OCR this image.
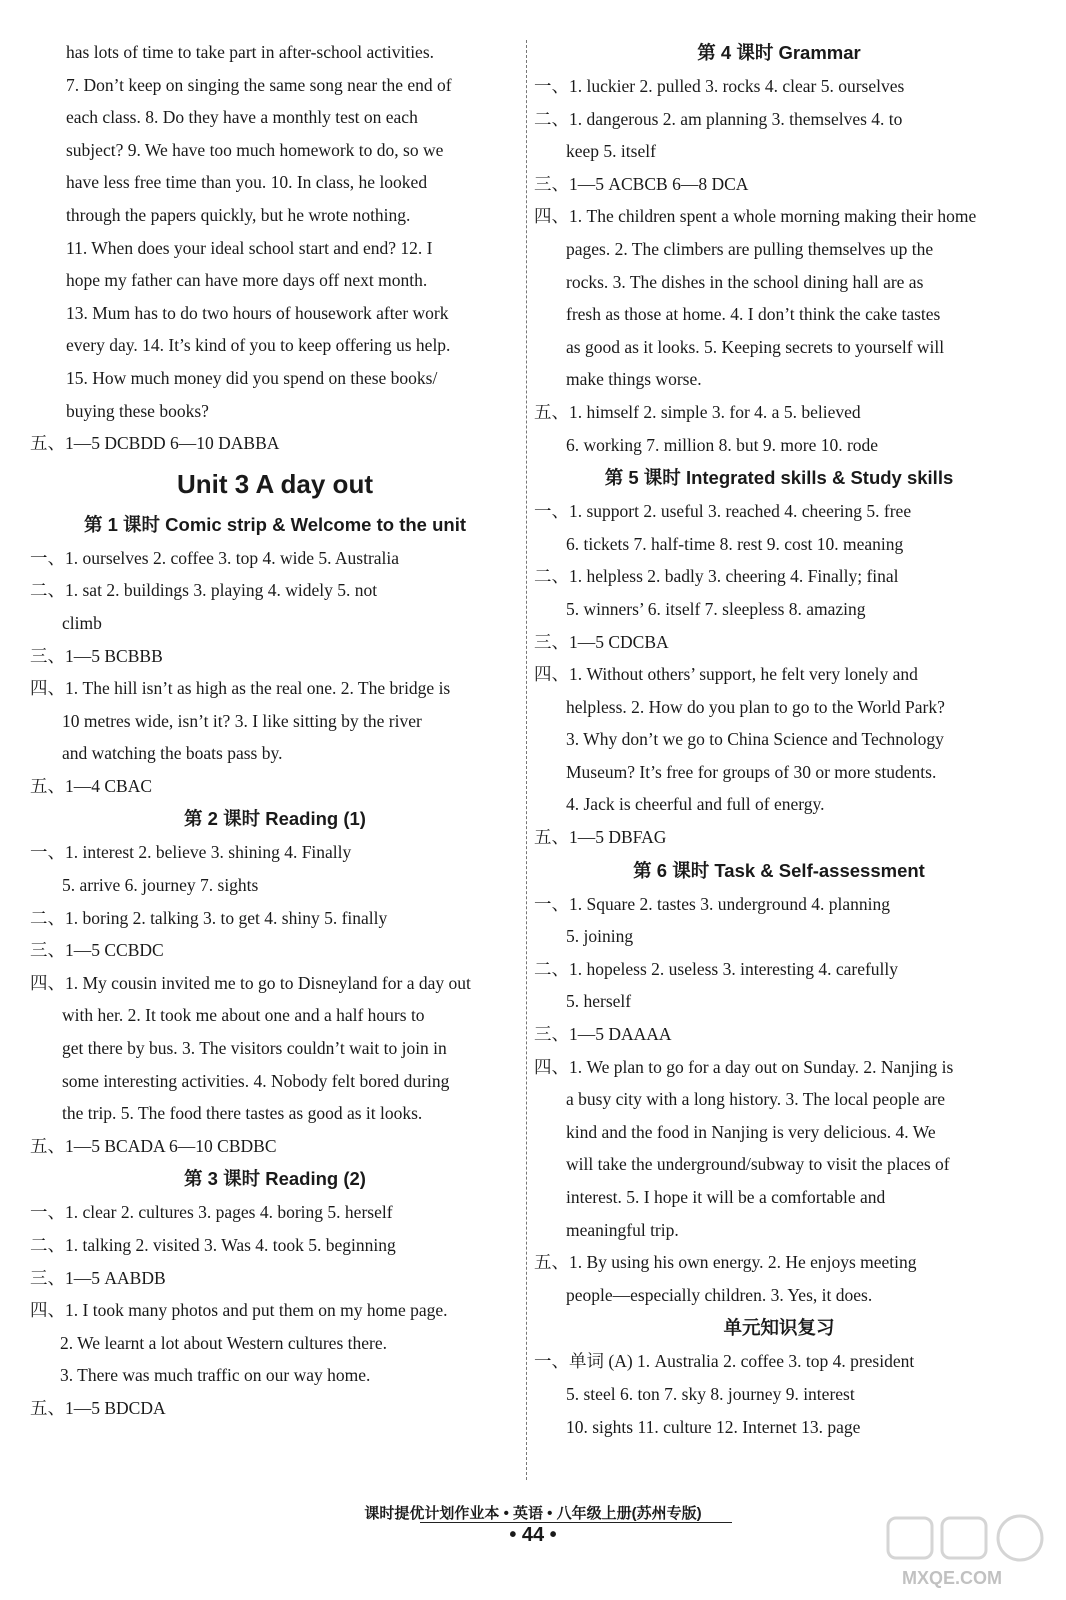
has lots of time to take part in after-school activities.
7. Don’t keep on singing the same song near the end of
each class. 8. Do they have a monthly test on each
subject? 9. We have too much homework to do, so we
have less free time than you. 10. In class, he looked
through the papers quickly, but he wrote nothing.
11. When does your ideal school start and end? 12. I
hope my father can have more days off next month.
13. Mum has to do two hours of housework after work
every day. 14. It’s kind of you to keep offering us help.
15. How much money did you spend on these books/
buying these books?
五、1—5 DCBDD 6—10 DABBA
Unit 3 A day out
第 1 课时 Comic strip & Welcome to the unit
一、1. ourselves 2. coffee 3. top 4. wide 5. Australia
二、1. sat 2. buildings 3. playing 4. widely 5. not
climb
三、1—5 BCBBB
四、1. The hill isn’t as high as the real one. 2. The bridge is
10 metres wide, isn’t it? 3. I like sitting by the river
and watching the boats pass by.
五、1—4 CBAC
第 2 课时 Reading (1)
一、1. interest 2. believe 3. shining 4. Finally
5. arrive 6. journey 7. sights
二、1. boring 2. talking 3. to get 4. shiny 5. finally
三、1—5 CCBDC
四、1. My cousin invited me to go to Disneyland for a day out
with her. 2. It took me about one and a half hours to
get there by bus. 3. The visitors couldn’t wait to join in
some interesting activities. 4. Nobody felt bored during
the trip. 5. The food there tastes as good as it looks.
五、1—5 BCADA 6—10 CBDBC
第 3 课时 Reading (2)
一、1. clear 2. cultures 3. pages 4. boring 5. herself
二、1. talking 2. visited 3. Was 4. took 5. beginning
三、1—5 AABDB
四、1. I took many photos and put them on my home page.
2. We learnt a lot about Western cultures there.
3. There was much traffic on our way home.
五、1—5 BDCDA
第 4 课时 Grammar
一、1. luckier 2. pulled 3. rocks 4. clear 5. ourselves
二、1. dangerous 2. am planning 3. themselves 4. to
keep 5. itself
三、1—5 ACBCB 6—8 DCA
四、1. The children spent a whole morning making their home
pages. 2. The climbers are pulling themselves up the
rocks. 3. The dishes in the school dining hall are as
fresh as those at home. 4. I don’t think the cake tastes
as good as it looks. 5. Keeping secrets to yourself will
make things worse.
五、1. himself 2. simple 3. for 4. a 5. believed
6. working 7. million 8. but 9. more 10. rode
第 5 课时 Integrated skills & Study skills
一、1. support 2. useful 3. reached 4. cheering 5. free
6. tickets 7. half-time 8. rest 9. cost 10. meaning
二、1. helpless 2. badly 3. cheering 4. Finally; final
5. winners’ 6. itself 7. sleepless 8. amazing
三、1—5 CDCBA
四、1. Without others’ support, he felt very lonely and
helpless. 2. How do you plan to go to the World Park?
3. Why don’t we go to China Science and Technology
Museum? It’s free for groups of 30 or more students.
4. Jack is cheerful and full of energy.
五、1—5 DBFAG
第 6 课时 Task & Self-assessment
一、1. Square 2. tastes 3. underground 4. planning
5. joining
二、1. hopeless 2. useless 3. interesting 4. carefully
5. herself
三、1—5 DAAAA
四、1. We plan to go for a day out on Sunday. 2. Nanjing is
a busy city with a long history. 3. The local people are
kind and the food in Nanjing is very delicious. 4. We
will take the underground/subway to visit the places of
interest. 5. I hope it will be a comfortable and
meaningful trip.
五、1. By using his own energy. 2. He enjoys meeting
people—especially children. 3. Yes, it does.
单元知识复习
一、单词 (A) 1. Australia 2. coffee 3. top 4. president
5. steel 6. ton 7. sky 8. journey 9. interest
10. sights 11. culture 12. Internet 13. page
课时提优计划作业本 • 英语 • 八年级上册(苏州专版)
• 44 •
MXQE.COM
